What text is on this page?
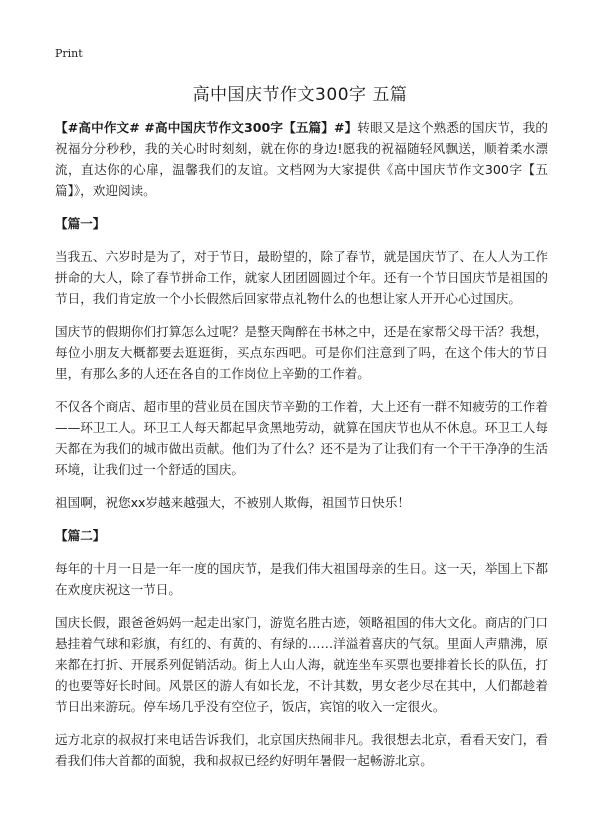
Print
高中国庆节作文300字 五篇

【#高中作文# #高中国庆节作文300字【五篇】#】转眼又是这个熟悉的国庆节，我的祝福分分秒秒，我的关心时时刻刻，就在你的身边!愿我的祝福随轻风飘送，顺着柔水漂流，直达你的心扉，温馨我们的友谊。文档网为大家提供《高中国庆节作文300字【五篇】》，欢迎阅读。

【篇一】

当我五、六岁时是为了，对于节日，最盼望的，除了春节，就是国庆节了、在人人为工作拼命的大人，除了春节拼命工作，就家人团团圆圆过个年。还有一个节日国庆节是祖国的节日，我们肯定放一个小长假然后回家带点礼物什么的也想让家人开开心心过国庆。

国庆节的假期你们打算怎么过呢？是整天陶醉在书林之中，还是在家帮父母干活？我想，每位小朋友大概都要去逛逛街，买点东西吧。可是你们注意到了吗，在这个伟大的节日里，有那么多的人还在各自的工作岗位上辛勤的工作着。

不仅各个商店、超市里的营业员在国庆节辛勤的工作着，大上还有一群不知疲劳的工作着——环卫工人。环卫工人每天都起早贪黑地劳动，就算在国庆节也从不休息。环卫工人每天都在为我们的城市做出贡献。他们为了什么？还不是为了让我们有一个干干净净的生活环境，让我们过一个舒适的国庆。

祖国啊，祝您xx岁越来越强大，不被别人欺侮，祖国节日快乐！

【篇二】

每年的十月一日是一年一度的国庆节，是我们伟大祖国母亲的生日。这一天，举国上下都在欢度庆祝这一节日。

国庆长假，跟爸爸妈妈一起走出家门，游览名胜古迹，领略祖国的伟大文化。商店的门口悬挂着气球和彩旗，有红的、有黄的、有绿的……洋溢着喜庆的气氛。里面人声鼎沸，原来都在打折、开展系列促销活动。街上人山人海，就连坐车买票也要排着长长的队伍，打的也要等好长时间。风景区的游人有如长龙，不计其数，男女老少尽在其中，人们都趁着节日出来游玩。停车场几乎没有空位子，饭店，宾馆的收入一定很火。

远方北京的叔叔打来电话告诉我们，北京国庆热闹非凡。我很想去北京，看看天安门，看看我们伟大首都的面貌，我和叔叔已经约好明年暑假一起畅游北京。
